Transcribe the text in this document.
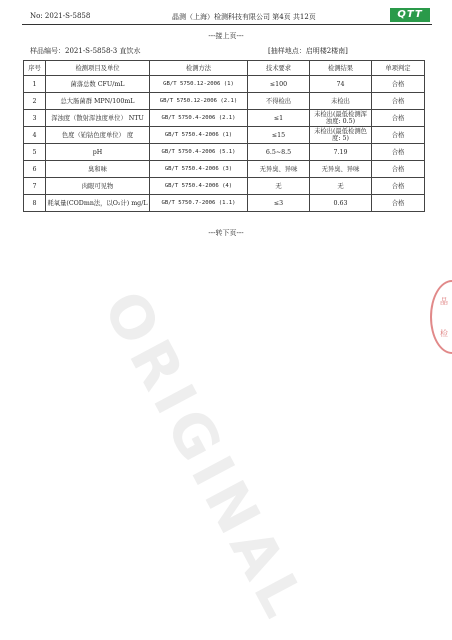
No: 2021-S-5858	晶测（上海）检测科技有限公司 第4页 共12页	QTT
---接上页---
样品编号：2021-S-5858-3 直饮水	[抽样地点：启明楼2楼南]
序号	检测项目及单位	检测方法	技术要求	检测结果	单项判定
1	菌落总数 CFU/mL	GB/T 5750.12-2006 (1)	≤100	74	合格
2	总大肠菌群 MPN/100mL	GB/T 5750.12-2006 (2.1)	不得检出	未检出	合格
3	浑浊度（散射浑浊度单位） NTU	GB/T 5750.4-2006 (2.1)	≤1	未检出(最低检测浑浊度: 0.5)	合格
4	色度（铂钴色度单位） 度	GB/T 5750.4-2006 (1)	≤15	未检出(最低检测色度: 5)	合格
5	pH	GB/T 5750.4-2006 (5.1)	6.5~8.5	7.19	合格
6	臭和味	GB/T 5750.4-2006 (3)	无异臭、异味	无异臭、异味	合格
7	肉眼可见物	GB/T 5750.4-2006 (4)	无	无	合格
8	耗氧量(CODmn法，以O₂计) mg/L	GB/T 5750.7-2006 (1.1)	≤3	0.63	合格
---转下页---
ORIGINAL	晶
检
